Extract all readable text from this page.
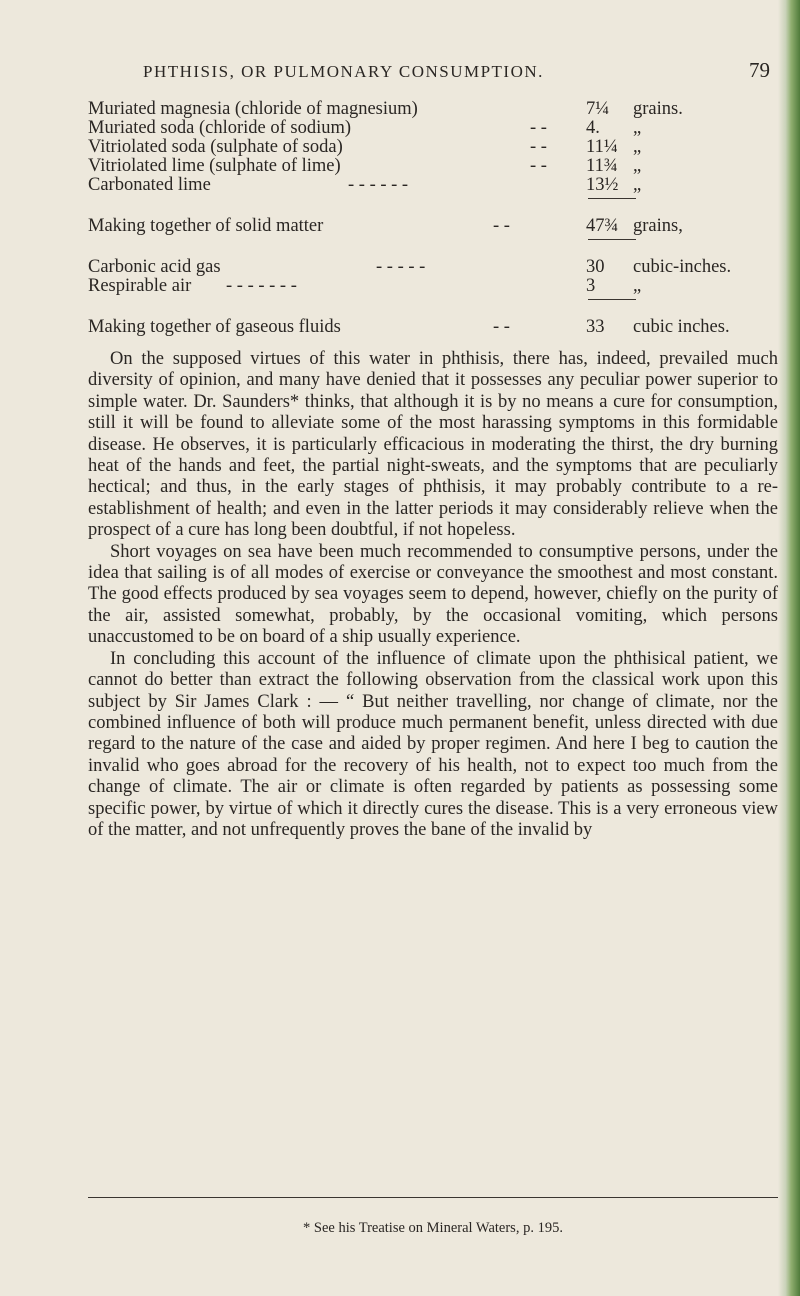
PHTHISIS, OR PULMONARY CONSUMPTION.	79
Muriated magnesia (chloride of magnesium)	7¼ grains.
Muriated soda (chloride of sodium)	- - 4. „
Vitriolated soda (sulphate of soda)	- - 11¼ „
Vitriolated lime (sulphate of lime)	- - 11¾ „
Carbonated lime	- - - - - -	13½ „
Making together of solid matter	- -	47¾ grains,
Carbonic acid gas	- - - - -	30 cubic-inches.
Respirable air - - - - - - -	3 „
Making together of gaseous fluids	- -	33 cubic inches.

On the supposed virtues of this water in phthisis, there has, indeed, prevailed much diversity of opinion, and many have denied that it possesses any peculiar power superior to simple water. Dr. Saunders* thinks, that although it is by no means a cure for consumption, still it will be found to alleviate some of the most harassing symptoms in this formidable disease. He observes, it is particularly efficacious in moderating the thirst, the dry burning heat of the hands and feet, the partial night-sweats, and the symptoms that are peculiarly hectical; and thus, in the early stages of phthisis, it may probably contribute to a re-establishment of health; and even in the latter periods it may considerably relieve when the prospect of a cure has long been doubtful, if not hopeless.

Short voyages on sea have been much recommended to consumptive persons, under the idea that sailing is of all modes of exercise or conveyance the smoothest and most constant. The good effects produced by sea voyages seem to depend, however, chiefly on the purity of the air, assisted somewhat, probably, by the occasional vomiting, which persons unaccustomed to be on board of a ship usually experience.

In concluding this account of the influence of climate upon the phthisical patient, we cannot do better than extract the following observation from the classical work upon this subject by Sir James Clark : — “ But neither travelling, nor change of climate, nor the combined influence of both will produce much permanent benefit, unless directed with due regard to the nature of the case and aided by proper regimen. And here I beg to caution the invalid who goes abroad for the recovery of his health, not to expect too much from the change of climate. The air or climate is often regarded by patients as possessing some specific power, by virtue of which it directly cures the disease. This is a very erroneous view of the matter, and not unfrequently proves the bane of the invalid by

* See his Treatise on Mineral Waters, p. 195.
